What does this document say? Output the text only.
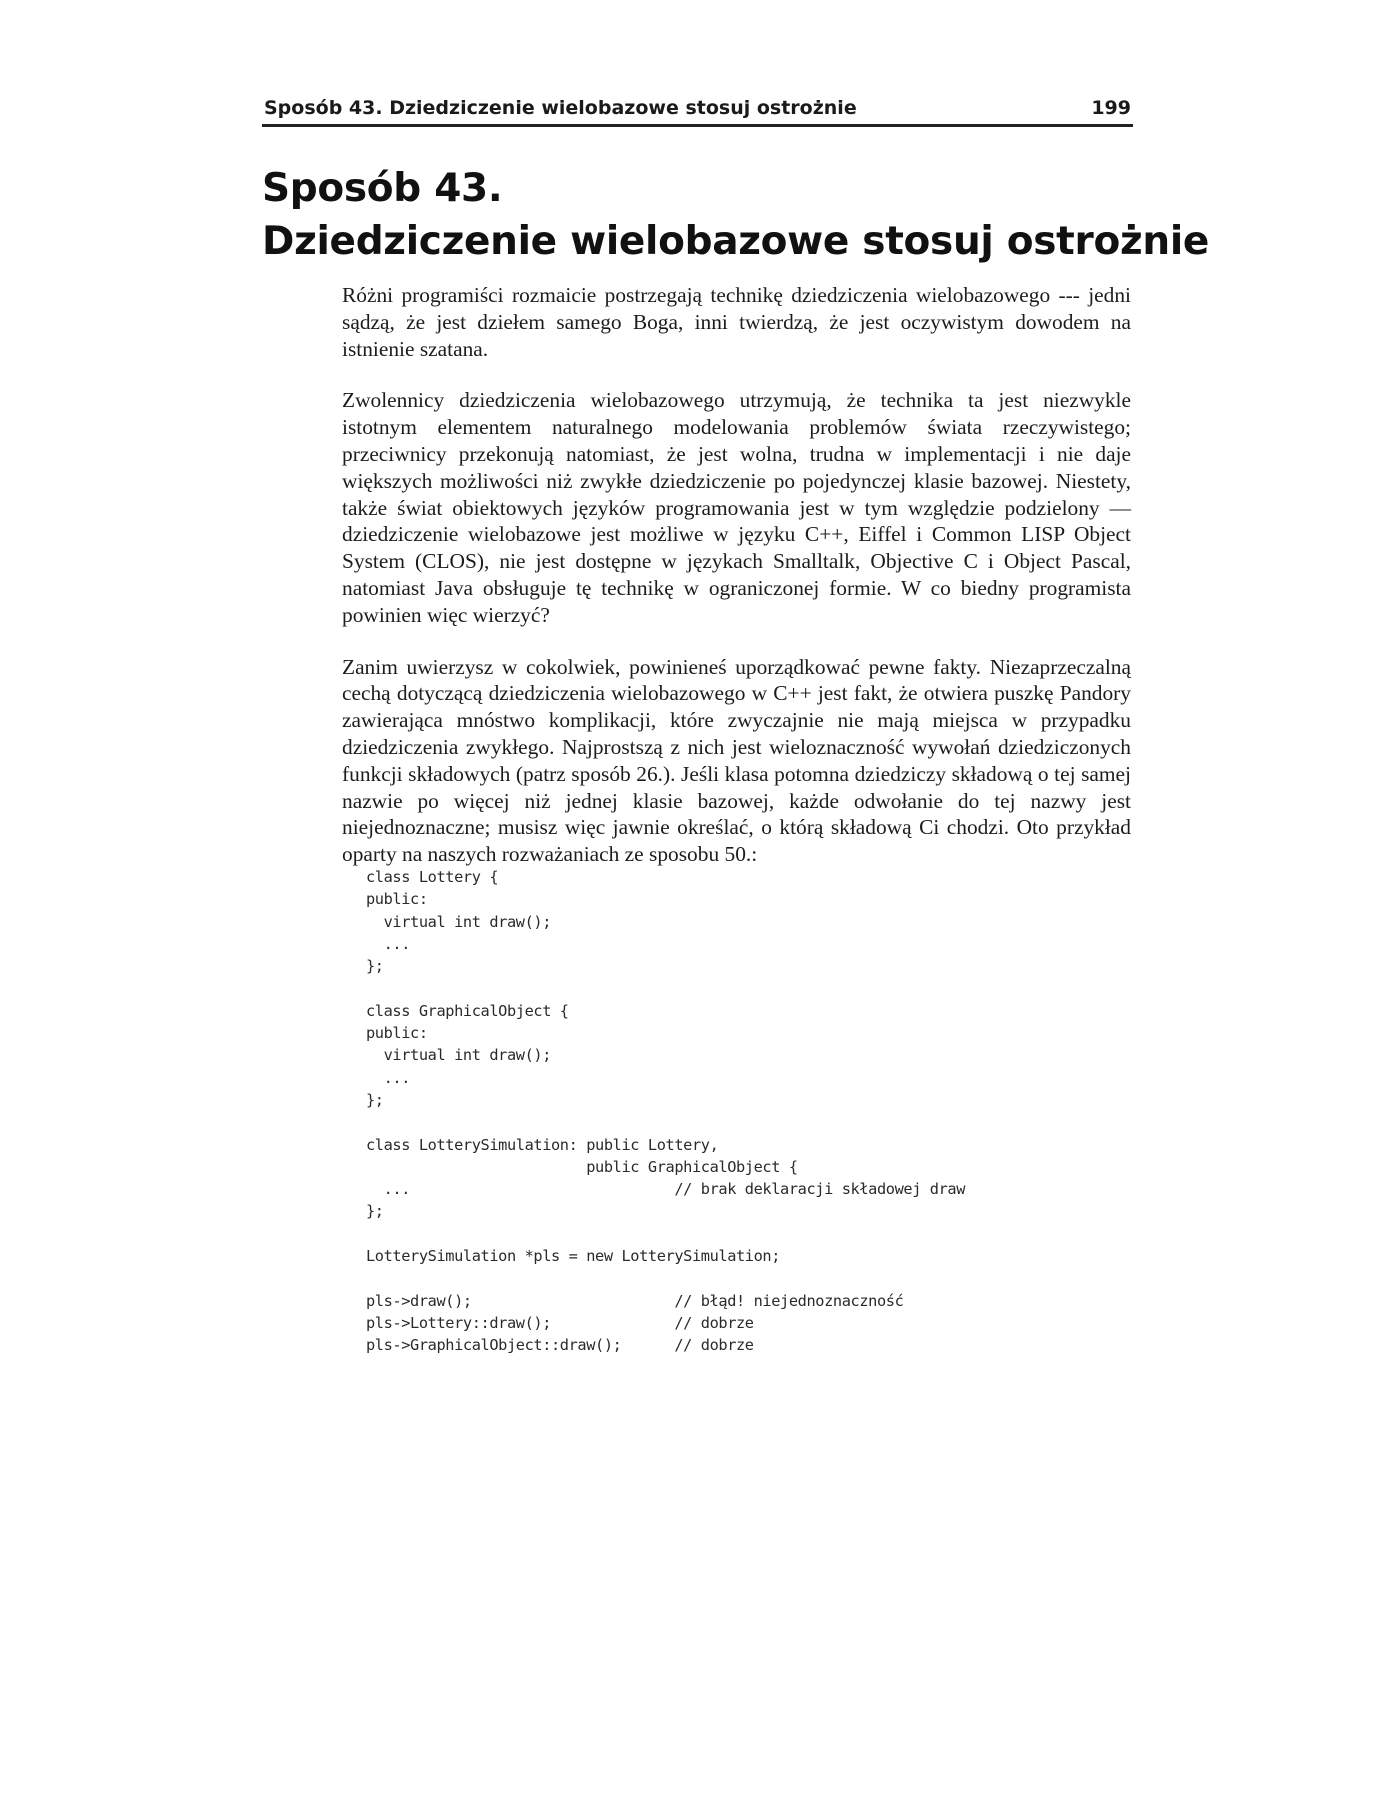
Sposób 43. Dziedziczenie wielobazowe stosuj ostrożnie	199
Sposób 43.
Dziedziczenie wielobazowe stosuj ostrożnie

Różni programiści rozmaicie postrzegają technikę dziedziczenia wielobazowego --- jedni sądzą, że jest dziełem samego Boga, inni twierdzą, że jest oczywistym dowodem na istnienie szatana.

Zwolennicy dziedziczenia wielobazowego utrzymują, że technika ta jest niezwykle istotnym elementem naturalnego modelowania problemów świata rzeczywistego; przeciwnicy przekonują natomiast, że jest wolna, trudna w implementacji i nie daje większych możliwości niż zwykłe dziedziczenie po pojedynczej klasie bazowej. Niestety, także świat obiektowych języków programowania jest w tym względzie podzielony — dziedziczenie wielobazowe jest możliwe w języku C++, Eiffel i Common LISP Object System (CLOS), nie jest dostępne w językach Smalltalk, Objective C i Object Pascal, natomiast Java obsługuje tę technikę w ograniczonej formie. W co biedny programista powinien więc wierzyć?

Zanim uwierzysz w cokolwiek, powinieneś uporządkować pewne fakty. Niezaprzeczalną cechą dotyczącą dziedziczenia wielobazowego w C++ jest fakt, że otwiera puszkę Pandory zawierająca mnóstwo komplikacji, które zwyczajnie nie mają miejsca w przypadku dziedziczenia zwykłego. Najprostszą z nich jest wieloznaczność wywołań dziedziczonych funkcji składowych (patrz sposób 26.). Jeśli klasa potomna dziedziczy składową o tej samej nazwie po więcej niż jednej klasie bazowej, każde odwołanie do tej nazwy jest niejednoznaczne; musisz więc jawnie określać, o którą składową Ci chodzi. Oto przykład oparty na naszych rozważaniach ze sposobu 50.:

class Lottery {
public:
virtual int draw();
...
};

class GraphicalObject {
public:
virtual int draw();
...
};

class LotterySimulation: public Lottery,
public GraphicalObject {
...                              // brak deklaracji składowej draw
};

LotterySimulation *pls = new LotterySimulation;

pls->draw();                       // błąd! niejednoznaczność
pls->Lottery::draw();              // dobrze
pls->GraphicalObject::draw();      // dobrze
